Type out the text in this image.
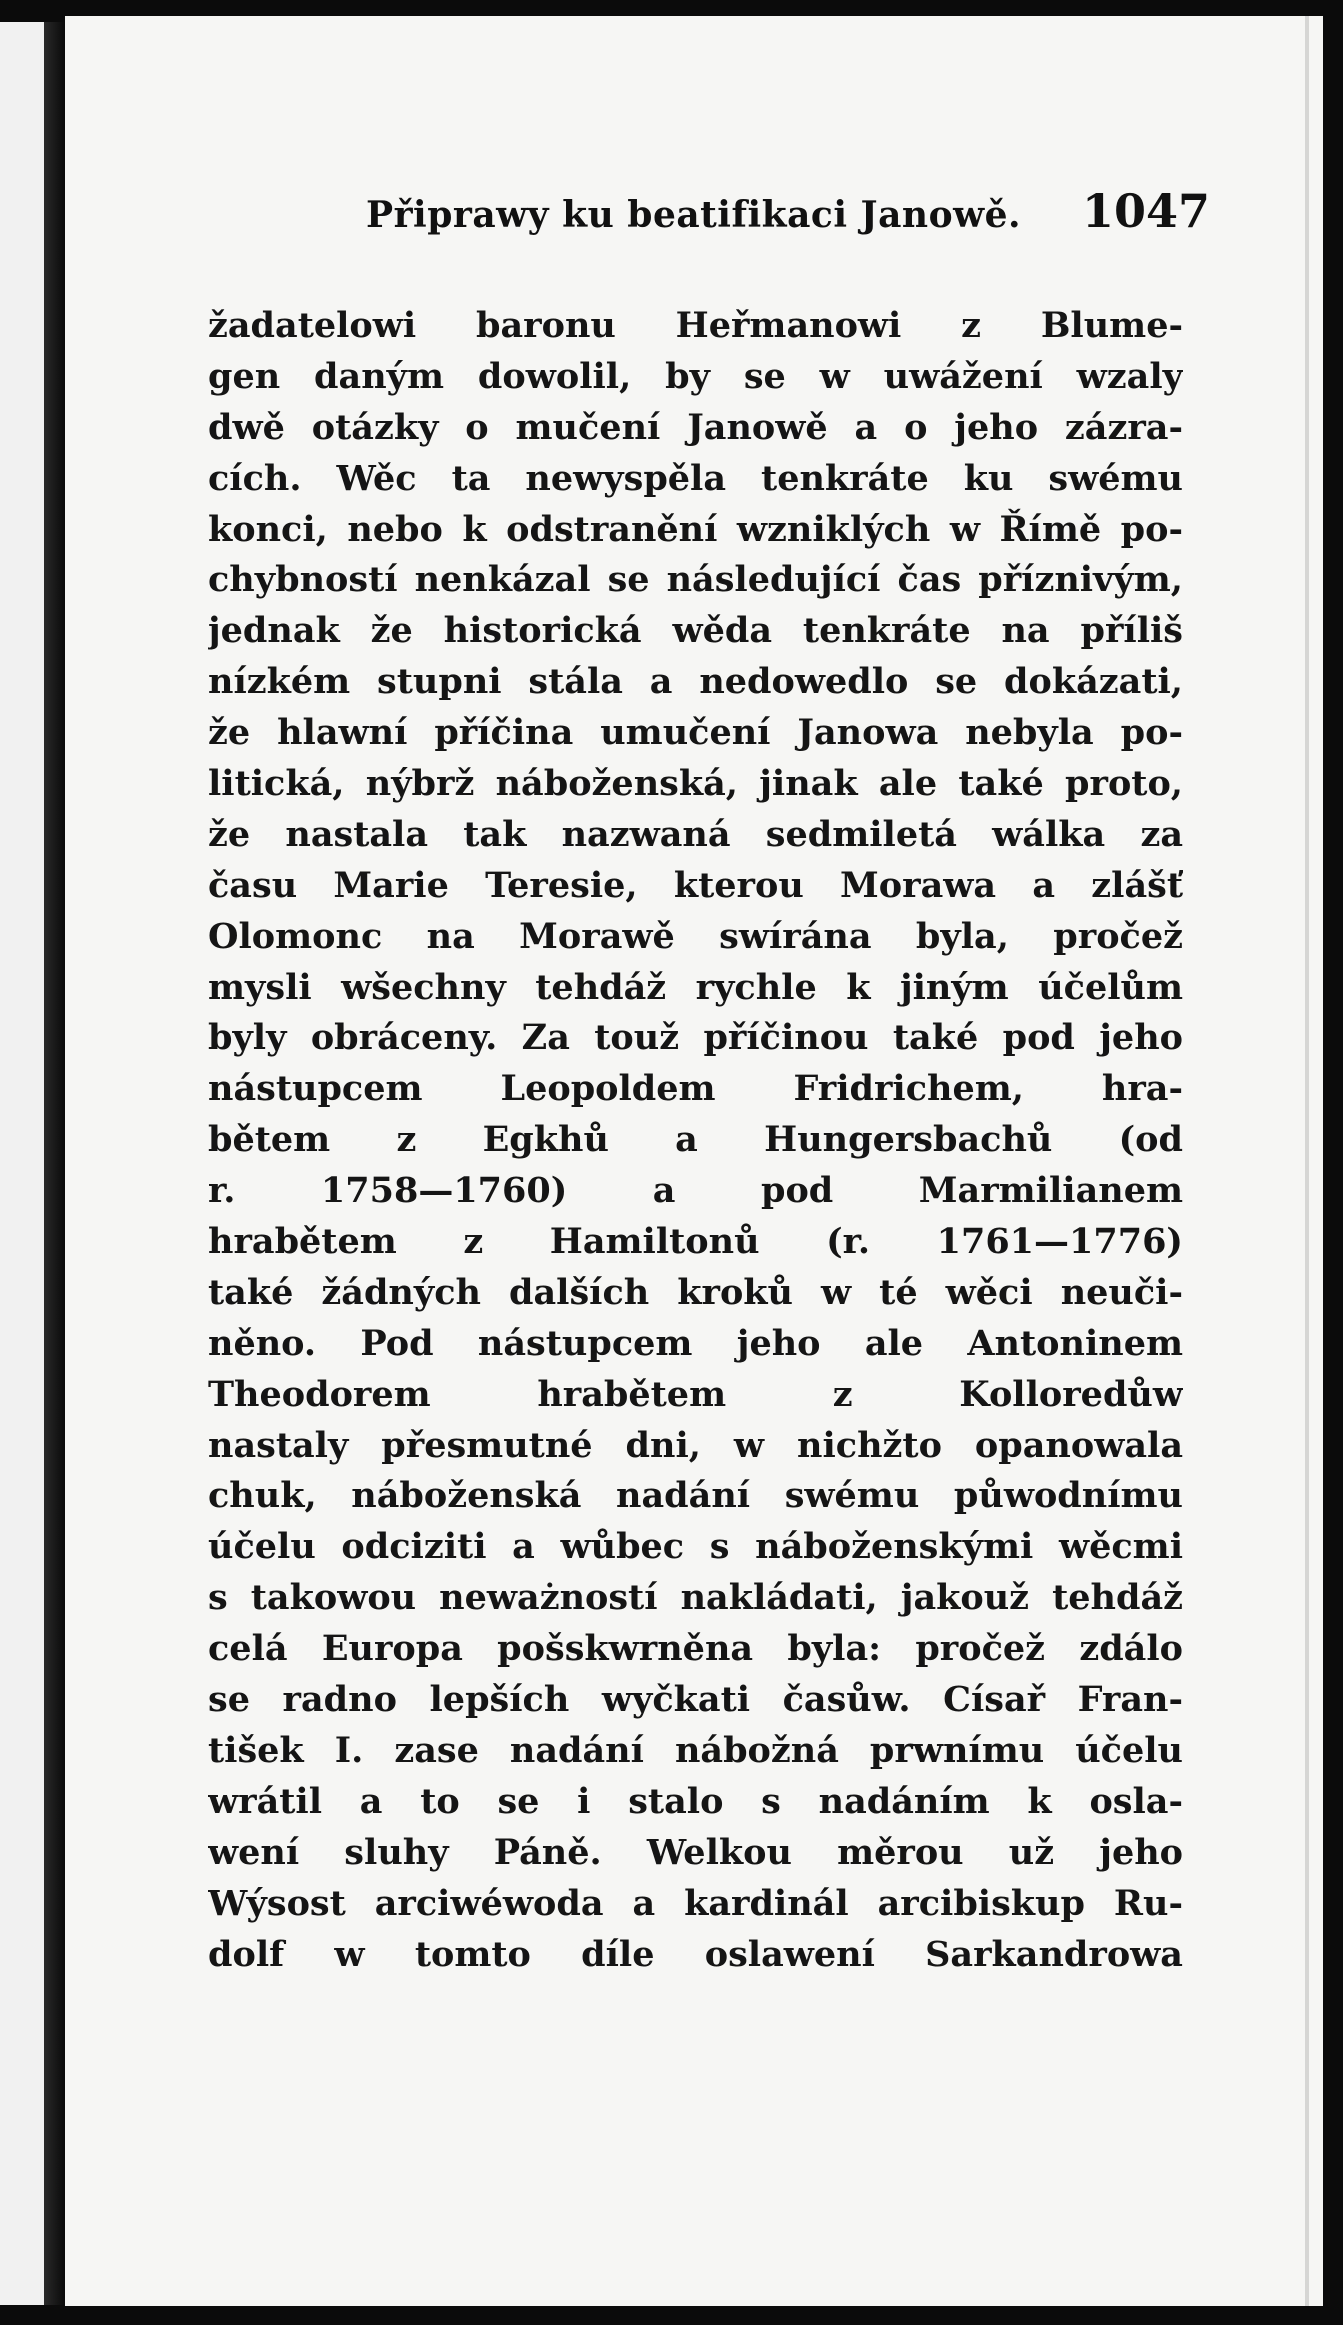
Připrawy ku beatifikaci Janowě. 1047
žadatelowi baronu Heřmanowi z Blume-
gen daným dowolil, by se w uwážení wzaly
dwě otázky o mučení Janowě a o jeho zázra-
cích. Wěc ta newyspěla tenkráte ku swému
konci, nebo k odstranění wzniklých w Římě po-
chybností nenkázal se následující čas příznivým,
jednak že historická wěda tenkráte na příliš
nízkém stupni stála a nedowedlo se dokázati,
že hlawní příčina umučení Janowa nebyla po-
litická, nýbrž náboženská, jinak ale také proto,
že nastala tak nazwaná sedmiletá wálka za
času Marie Teresie, kterou Morawa a zlášť
Olomonc na Morawě swírána byla, pročež
mysli wšechny tehdáž rychle k jiným účelům
byly obráceny. Za touž příčinou také pod jeho
nástupcem Leopoldem Fridrichem, hra-
bětem z Egkhů a Hungersbachů (od
r. 1758—1760) a pod Marmilianem
hrabětem z Hamiltonů (r. 1761—1776)
také žádných dalších kroků w té wěci neuči-
něno. Pod nástupcem jeho ale Antoninem
Theodorem hrabětem z Kolloredůw
nastaly přesmutné dni, w nichžto opanowala
chuk, náboženská nadání swému půwodnímu
účelu odciziti a wůbec s náboženskými wěcmi
s takowou neważností nakládati, jakouž tehdáž
celá Europa pošskwrněna byla: pročež zdálo
se radno lepších wyčkati časůw. Císař Fran-
tišek I. zase nadání nábožná prwnímu účelu
wrátil a to se i stalo s nadáním k osla-
wení sluhy Páně. Welkou měrou už jeho
Wýsost arciwéwoda a kardinál arcibiskup Ru-
dolf w tomto díle oslawení Sarkandrowa
